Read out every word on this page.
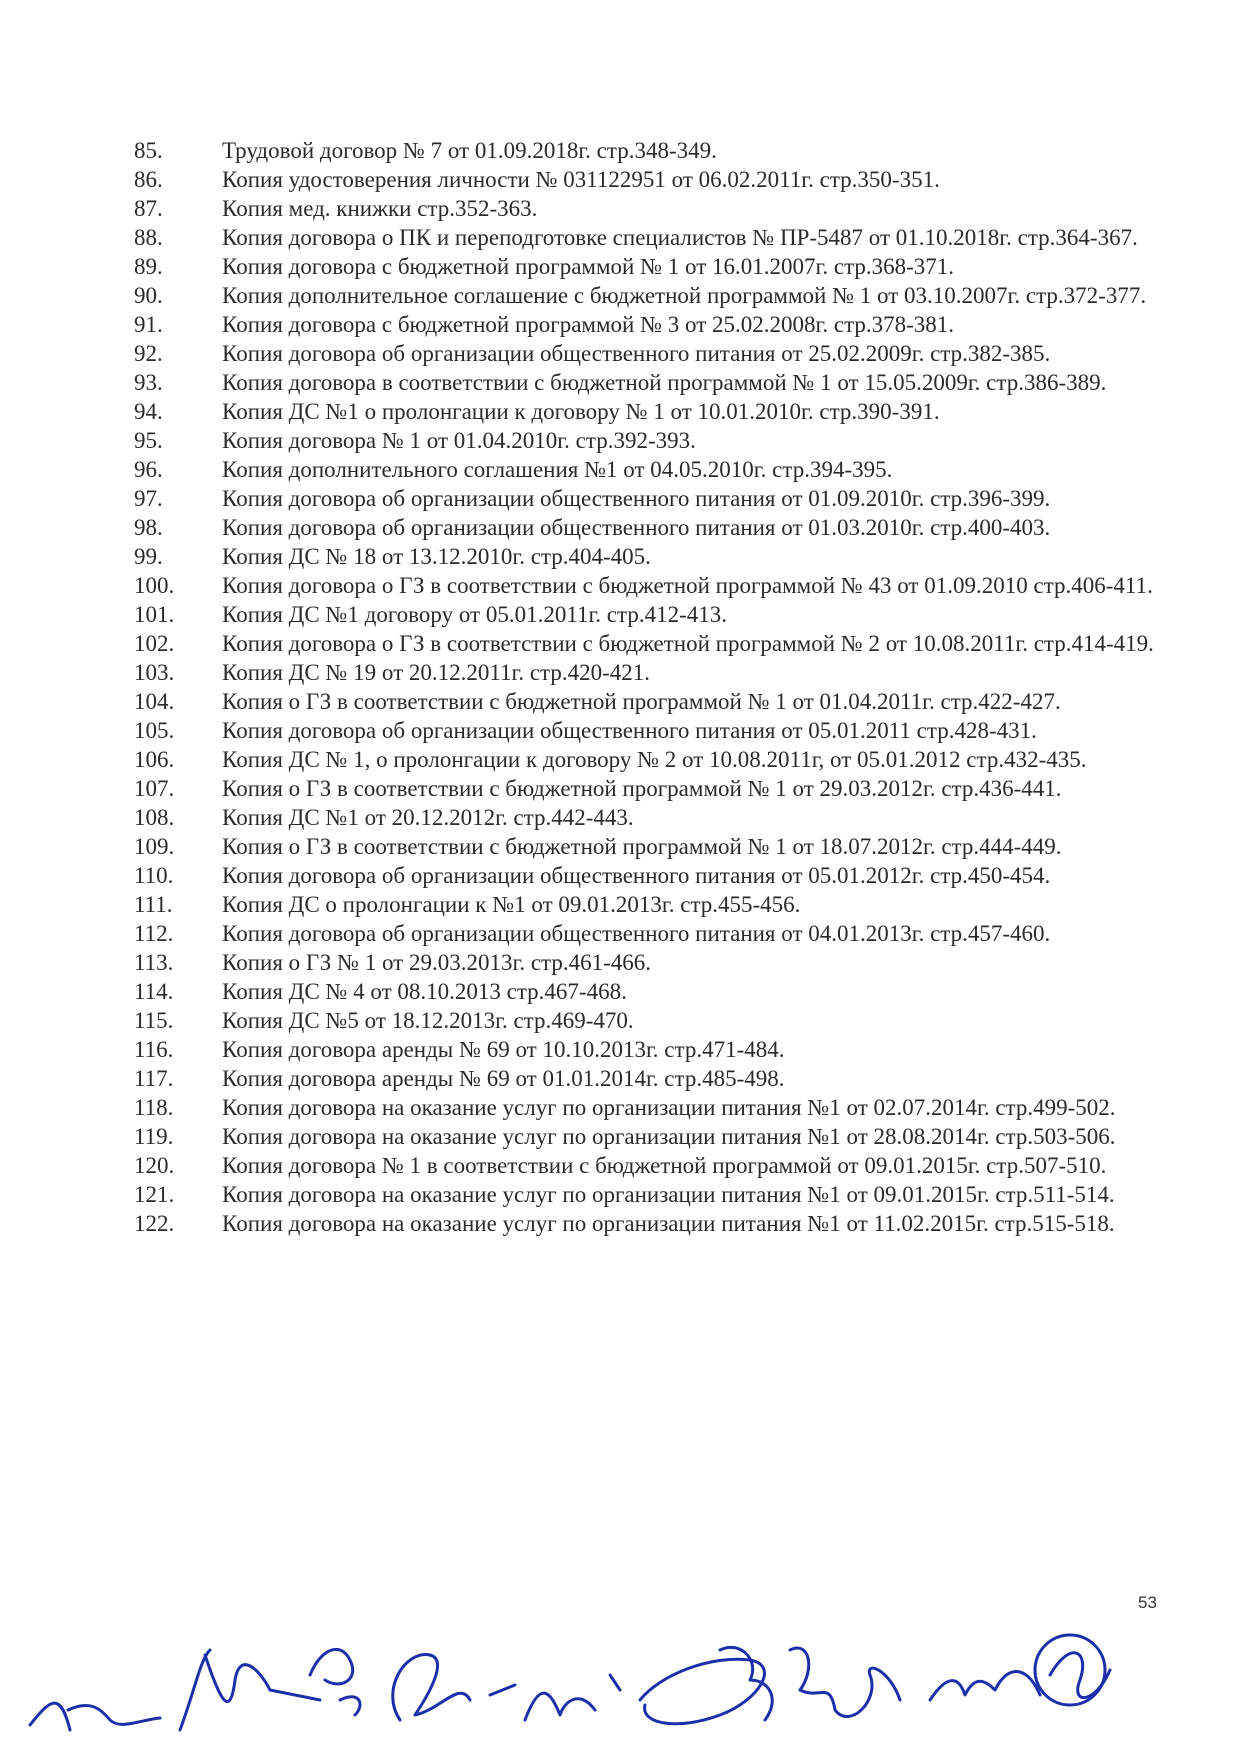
85.	Трудовой договор № 7 от 01.09.2018г. стр.348-349.
86.	Копия удостоверения личности № 031122951 от 06.02.2011г. стр.350-351.
87.	Копия мед. книжки стр.352-363.
88.	Копия договора о ПК и переподготовке специалистов № ПР-5487 от 01.10.2018г. стр.364-367.
89.	Копия договора с бюджетной программой № 1 от 16.01.2007г. стр.368-371.
90.	Копия дополнительное соглашение с бюджетной программой № 1 от 03.10.2007г. стр.372-377.
91.	Копия договора с бюджетной программой № 3 от 25.02.2008г. стр.378-381.
92.	Копия договора об организации общественного питания от 25.02.2009г. стр.382-385.
93.	Копия договора в соответствии с бюджетной программой № 1 от 15.05.2009г. стр.386-389.
94.	Копия ДС №1 о пролонгации к договору № 1 от 10.01.2010г. стр.390-391.
95.	Копия договора № 1 от 01.04.2010г. стр.392-393.
96.	Копия дополнительного соглашения №1 от 04.05.2010г. стр.394-395.
97.	Копия договора об организации общественного питания от 01.09.2010г. стр.396-399.
98.	Копия договора об организации общественного питания от 01.03.2010г. стр.400-403.
99.	Копия ДС № 18 от 13.12.2010г. стр.404-405.
100.	Копия договора о ГЗ в соответствии с бюджетной программой № 43 от 01.09.2010 стр.406-411.
101.	Копия ДС №1 договору от 05.01.2011г. стр.412-413.
102.	Копия договора о ГЗ в соответствии с бюджетной программой № 2 от 10.08.2011г. стр.414-419.
103.	Копия ДС № 19 от 20.12.2011г. стр.420-421.
104.	Копия о ГЗ в соответствии с бюджетной программой № 1 от 01.04.2011г. стр.422-427.
105.	Копия договора об организации общественного питания от 05.01.2011 стр.428-431.
106.	Копия ДС № 1, о пролонгации к договору № 2 от 10.08.2011г, от 05.01.2012 стр.432-435.
107.	Копия о ГЗ в соответствии с бюджетной программой № 1 от 29.03.2012г. стр.436-441.
108.	Копия ДС №1 от 20.12.2012г. стр.442-443.
109.	Копия о ГЗ в соответствии с бюджетной программой № 1 от 18.07.2012г. стр.444-449.
110.	Копия договора об организации общественного питания от 05.01.2012г. стр.450-454.
111.	Копия ДС о пролонгации к №1 от 09.01.2013г. стр.455-456.
112.	Копия договора об организации общественного питания от 04.01.2013г. стр.457-460.
113.	Копия о ГЗ № 1 от 29.03.2013г. стр.461-466.
114.	Копия ДС № 4 от 08.10.2013 стр.467-468.
115.	Копия ДС №5 от 18.12.2013г. стр.469-470.
116.	Копия договора аренды № 69 от 10.10.2013г. стр.471-484.
117.	Копия договора аренды № 69 от 01.01.2014г. стр.485-498.
118.	Копия договора на оказание услуг по организации питания №1 от 02.07.2014г. стр.499-502.
119.	Копия договора на оказание услуг по организации питания №1 от 28.08.2014г. стр.503-506.
120.	Копия договора № 1 в соответствии с бюджетной программой от 09.01.2015г. стр.507-510.
121.	Копия договора на оказание услуг по организации питания №1 от 09.01.2015г. стр.511-514.
122.	Копия договора на оказание услуг по организации питания №1 от 11.02.2015г. стр.515-518.
53
